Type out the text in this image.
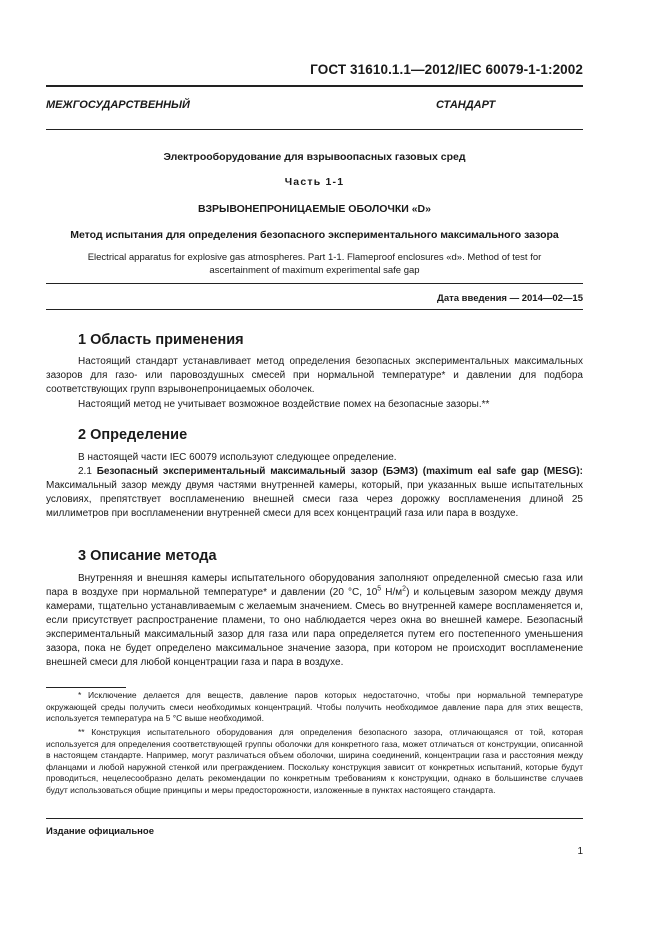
ГОСТ 31610.1.1—2012/IEC 60079-1-1:2002
МЕЖГОСУДАРСТВЕННЫЙ	СТАНДАРТ
Электрооборудование для взрывоопасных газовых сред
Часть 1-1
ВЗРЫВОНЕПРОНИЦАЕМЫЕ ОБОЛОЧКИ «D»
Метод испытания для определения безопасного экспериментального максимального зазора
Electrical apparatus for explosive gas atmospheres. Part 1-1. Flameproof enclosures «d». Method of test for ascertainment of maximum experimental safe gap
Дата введения — 2014—02—15
1 Область применения

Настоящий стандарт устанавливает метод определения безопасных экспериментальных максимальных зазоров для газо- или паровоздушных смесей при нормальной температуре* и давлении для подбора соответствующих групп взрывонепроницаемых оболочек.

Настоящий метод не учитывает возможное воздействие помех на безопасные зазоры.**

2 Определение

В настоящей части IEC 60079 используют следующее определение.

2.1 Безопасный экспериментальный максимальный зазор (БЭМЗ) (maximum eal safe gap (MESG): Максимальный зазор между двумя частями внутренней камеры, который, при указанных выше испытательных условиях, препятствует воспламенению внешней смеси газа через дорожку воспламенения длиной 25 миллиметров при воспламенении внутренней смеси для всех концентраций газа или пара в воздухе.

3 Описание метода

Внутренняя и внешняя камеры испытательного оборудования заполняют определенной смесью газа или пара в воздухе при нормальной температуре* и давлении (20 °С, $10^5$ $Н/м^2$) и кольцевым зазором между двумя камерами, тщательно устанавливаемым с желаемым значением. Смесь во внутренней камере воспламеняется и, если присутствует распространение пламени, то оно наблюдается через окна во внешней камере. Безопасный экспериментальный максимальный зазор для газа или пара определяется путем его постепенного уменьшения зазора, пока не будет определено максимальное значение зазора, при котором не происходит воспламенение внешней смеси для любой концентрации газа и пара в воздухе.

* Исключение делается для веществ, давление паров которых недостаточно, чтобы при нормальной температуре окружающей среды получить смеси необходимых концентраций. Чтобы получить необходимое давление пара для этих веществ, используется температура на 5 °С выше необходимой.

** Конструкция испытательного оборудования для определения безопасного зазора, отличающаяся от той, которая используется для определения соответствующей группы оболочки для конкретного газа, может отличаться от конструкции, описанной в настоящем стандарте. Например, могут различаться объем оболочки, ширина соединений, концентрации газа и расстояния между фланцами и любой наружной стенкой или преграждением. Поскольку конструкция зависит от конкретных испытаний, которые будут проводиться, нецелесообразно делать рекомендации по конкретным требованиям к конструкции, однако в большинстве случаев будут использоваться общие принципы и меры предосторожности, изложенные в пунктах настоящего стандарта.

Издание официальное
1
